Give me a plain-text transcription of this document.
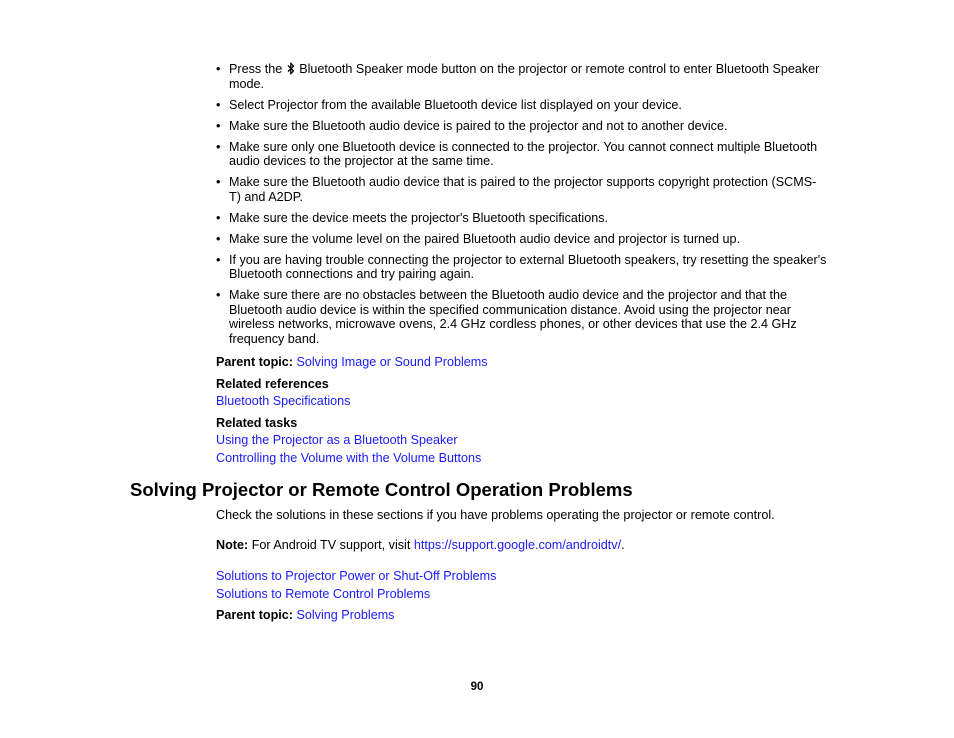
• Press the  Bluetooth Speaker mode button on the projector or remote control to enter Bluetooth Speaker mode.
• Select Projector from the available Bluetooth device list displayed on your device.
• Make sure the Bluetooth audio device is paired to the projector and not to another device.
• Make sure only one Bluetooth device is connected to the projector. You cannot connect multiple Bluetooth audio devices to the projector at the same time.
• Make sure the Bluetooth audio device that is paired to the projector supports copyright protection (SCMS-T) and A2DP.
• Make sure the device meets the projector's Bluetooth specifications.
• Make sure the volume level on the paired Bluetooth audio device and projector is turned up.
• If you are having trouble connecting the projector to external Bluetooth speakers, try resetting the speaker's Bluetooth connections and try pairing again.
• Make sure there are no obstacles between the Bluetooth audio device and the projector and that the Bluetooth audio device is within the specified communication distance. Avoid using the projector near wireless networks, microwave ovens, 2.4 GHz cordless phones, or other devices that use the 2.4 GHz frequency band.
Parent topic: Solving Image or Sound Problems
Related references
Bluetooth Specifications
Related tasks
Using the Projector as a Bluetooth Speaker
Controlling the Volume with the Volume Buttons
Solving Projector or Remote Control Operation Problems
Check the solutions in these sections if you have problems operating the projector or remote control.
Note: For Android TV support, visit https://support.google.com/androidtv/.
Solutions to Projector Power or Shut-Off Problems
Solutions to Remote Control Problems
Parent topic: Solving Problems
90
